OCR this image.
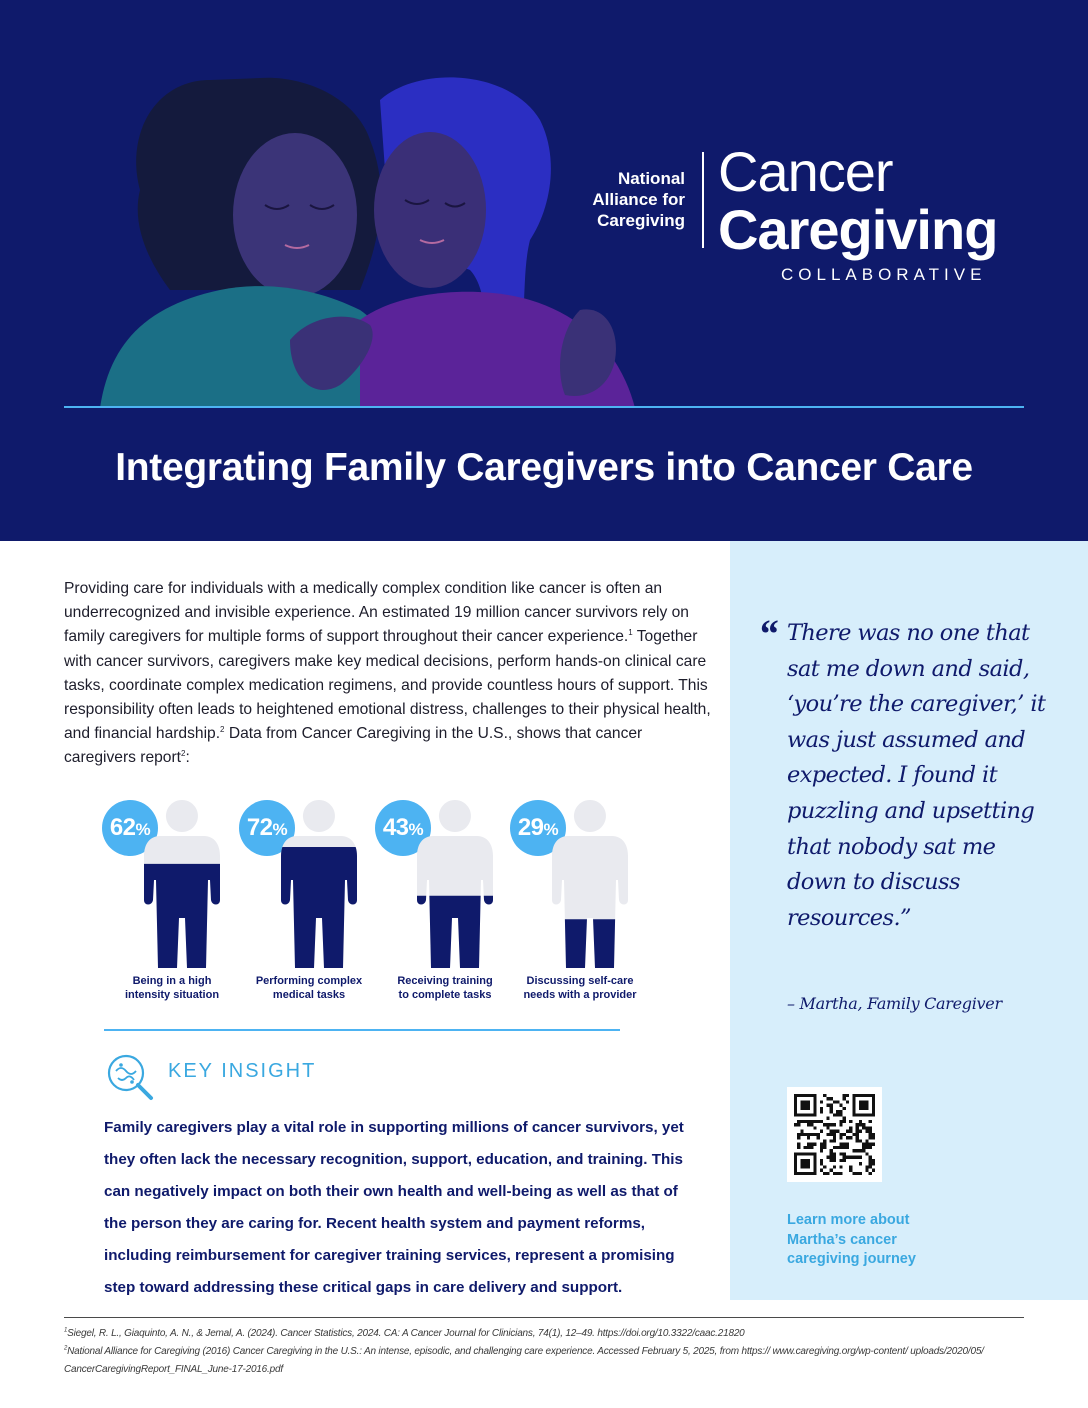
National
Alliance for
Caregiving
Cancer
Caregiving
COLLABORATIVE
Integrating Family Caregivers into Cancer Care

Providing care for individuals with a medically complex condition like cancer is often an underrecognized and invisible experience. An estimated 19 million cancer survivors rely on family caregivers for multiple forms of support throughout their cancer experience.$^1$ Together with cancer survivors, caregivers make key medical decisions, perform hands-on clinical care tasks, coordinate complex medication regimens, and provide countless hours of support. This responsibility often leads to heightened emotional distress, challenges to their physical health, and financial hardship.$^2$ Data from Cancer Caregiving in the U.S., shows that cancer caregivers report$^2$:

62%
Being in a high
intensity situation
72%
Performing complex
medical tasks
43%
Receiving training
to complete tasks
29%
Discussing self-care
needs with a provider
KEY INSIGHT

Family caregivers play a vital role in supporting millions of cancer survivors, yet they often lack the necessary recognition, support, education, and training. This can negatively impact on both their own health and well-being as well as that of the person they are caring for. Recent health system and payment reforms, including reimbursement for caregiver training services, represent a promising step toward addressing these critical gaps in care delivery and support.

“ There was no one that sat me down and said, ‘you’re the caregiver,’ it was just assumed and expected. I found it puzzling and upsetting that nobody sat me down to discuss resources.”

– Martha, Family Caregiver
Learn more about Martha’s cancer caregiving journey
$^1$Siegel, R. L., Giaquinto, A. N., & Jemal, A. (2024). Cancer Statistics, 2024. CA: A Cancer Journal for Clinicians, 74(1), 12–49. https://doi.org/10.3322/caac.21820
$^2$National Alliance for Caregiving (2016) Cancer Caregiving in the U.S.: An intense, episodic, and challenging care experience. Accessed February 5, 2025, from https:// www.caregiving.org/wp-content/ uploads/2020/05/ CancerCaregivingReport_FINAL_June-17-2016.pdf
